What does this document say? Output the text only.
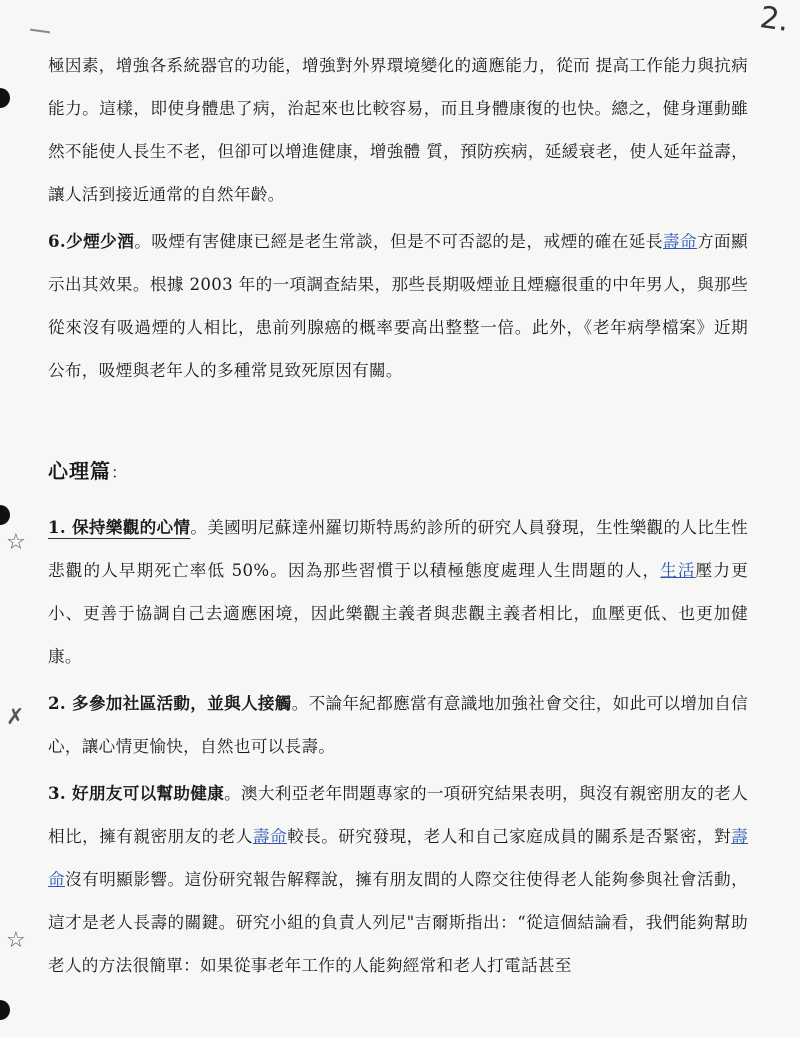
2.
☆
✗
☆

極因素，增強各系統器官的功能，增強對外界環境變化的適應能力，從而 提高工作能力與抗病能力。這樣，即使身體患了病，治起來也比較容易，而且身體康復的也快。總之，健身運動雖然不能使人長生不老，但卻可以增進健康，增強體 質，預防疾病，延緩衰老，使人延年益壽，讓人活到接近通常的自然年齡。

6.少煙少酒。吸煙有害健康已經是老生常談，但是不可否認的是，戒煙的確在延長壽命方面顯示出其效果。根據 2003 年的一項調查結果，那些長期吸煙並且煙癮很重的中年男人，與那些從來沒有吸過煙的人相比，患前列腺癌的概率要高出整整一倍。此外，《老年病學檔案》近期公布，吸煙與老年人的多種常見致死原因有關。

心理篇：

1. 保持樂觀的心情。美國明尼蘇達州羅切斯特馬約診所的研究人員發現，生性樂觀的人比生性悲觀的人早期死亡率低 50%。因為那些習慣于以積極態度處理人生問題的人，生活壓力更小、更善于協調自己去適應困境，因此樂觀主義者與悲觀主義者相比，血壓更低、也更加健康。

2. 多參加社區活動，並與人接觸。不論年紀都應當有意識地加強社會交往，如此可以增加自信心，讓心情更愉快，自然也可以長壽。

3. 好朋友可以幫助健康。澳大利亞老年問題專家的一項研究結果表明，與沒有親密朋友的老人相比，擁有親密朋友的老人壽命較長。研究發現，老人和自己家庭成員的關系是否緊密，對壽命沒有明顯影響。這份研究報告解釋說，擁有朋友間的人際交往使得老人能夠參與社會活動，這才是老人長壽的關鍵。研究小組的負責人列尼"吉爾斯指出：“從這個結論看，我們能夠幫助老人的方法很簡單：如果從事老年工作的人能夠經常和老人打電話甚至
